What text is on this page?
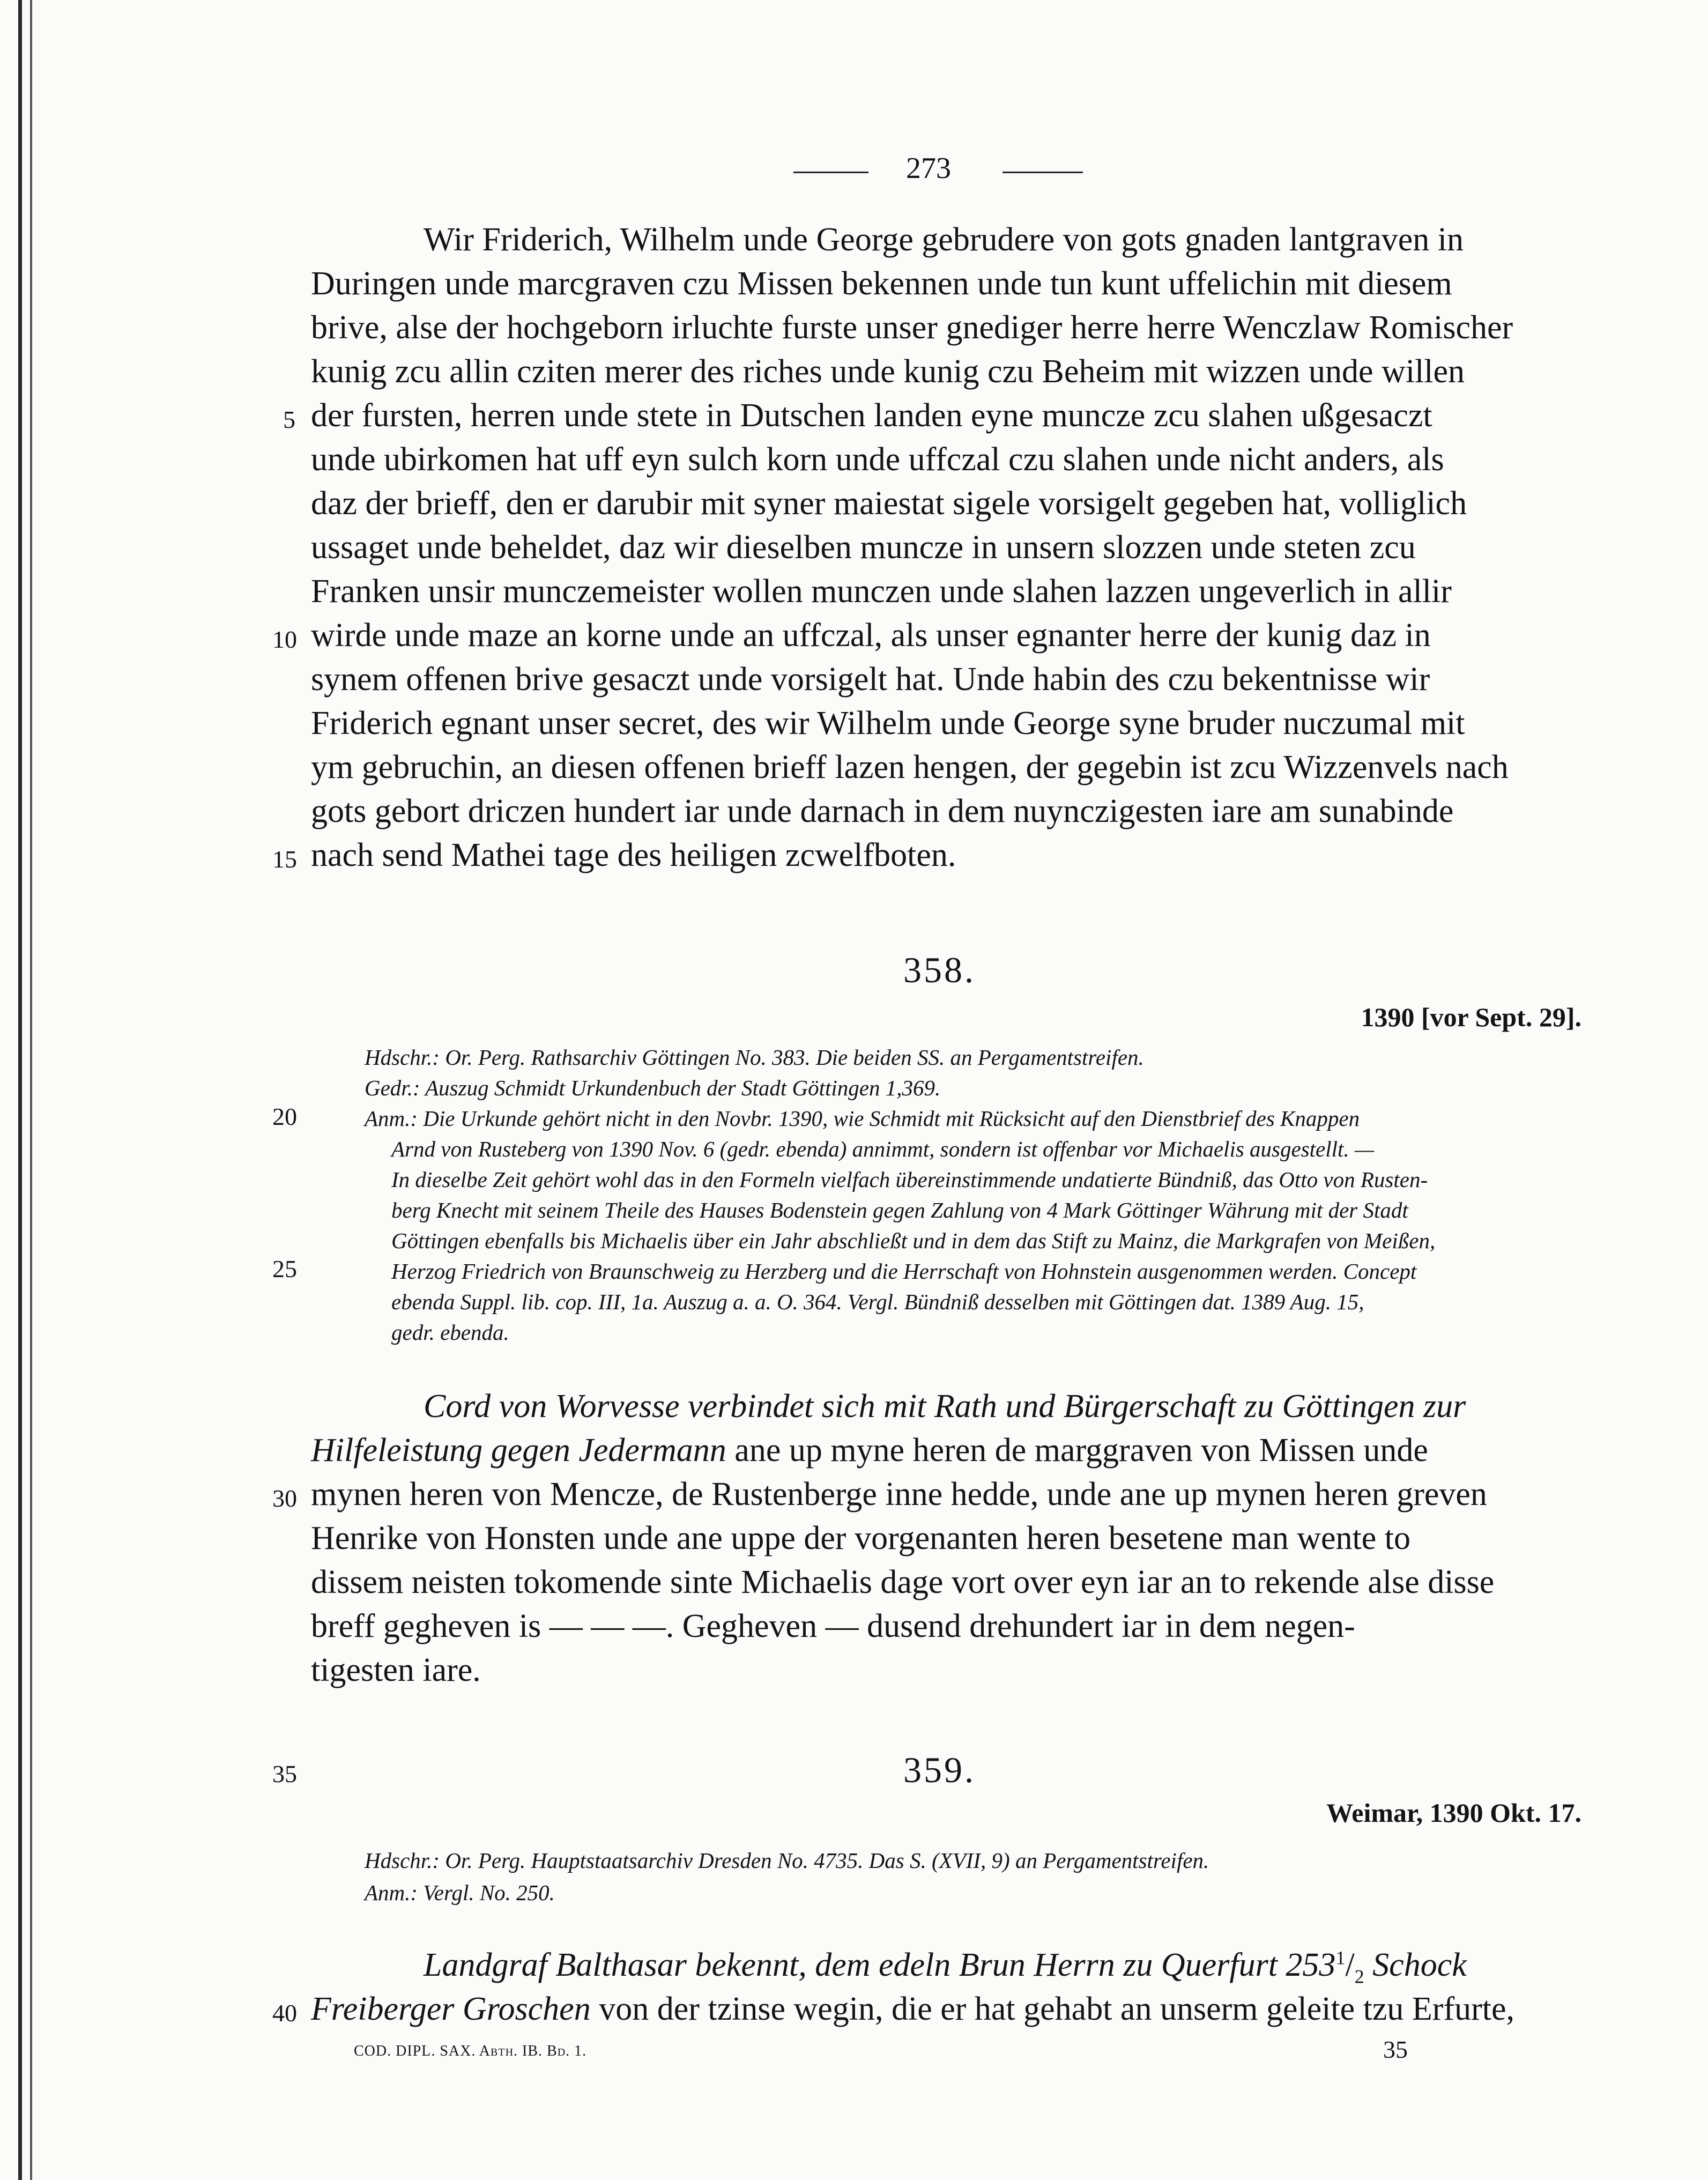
273
Wir Friderich, Wilhelm unde George gebrudere von gots gnaden lantgraven in
Duringen unde marcgraven czu Missen bekennen unde tun kunt uffelichin mit diesem
brive, alse der hochgeborn irluchte furste unser gnediger herre herre Wenczlaw Romischer
kunig zcu allin cziten merer des riches unde kunig czu Beheim mit wizzen unde willen
der fursten, herren unde stete in Dutschen landen eyne muncze zcu slahen ußgesaczt
unde ubirkomen hat uff eyn sulch korn unde uffczal czu slahen unde nicht anders, als
daz der brieff, den er darubir mit syner maiestat sigele vorsigelt gegeben hat, volliglich
ussaget unde beheldet, daz wir dieselben muncze in unsern slozzen unde steten zcu
Franken unsir munczemeister wollen munczen unde slahen lazzen ungeverlich in allir
wirde unde maze an korne unde an uffczal, als unser egnanter herre der kunig daz in
synem offenen brive gesaczt unde vorsigelt hat. Unde habin des czu bekentnisse wir
Friderich egnant unser secret, des wir Wilhelm unde George syne bruder nuczumal mit
ym gebruchin, an diesen offenen brieff lazen hengen, der gegebin ist zcu Wizzenvels nach
gots gebort driczen hundert iar unde darnach in dem nuynczigesten iare am sunabinde
nach send Mathei tage des heiligen zcwelfboten.
358.
1390 [vor Sept. 29].
Hdschr.: Or. Perg. Rathsarchiv Göttingen No. 383. Die beiden SS. an Pergamentstreifen.
Gedr.: Auszug Schmidt Urkundenbuch der Stadt Göttingen 1,369.
Anm.: Die Urkunde gehört nicht in den Novbr. 1390, wie Schmidt mit Rücksicht auf den Dienstbrief des Knappen
Arnd von Rusteberg von 1390 Nov. 6 (gedr. ebenda) annimmt, sondern ist offenbar vor Michaelis ausgestellt. —
In dieselbe Zeit gehört wohl das in den Formeln vielfach übereinstimmende undatierte Bündniß, das Otto von Rusten-
berg Knecht mit seinem Theile des Hauses Bodenstein gegen Zahlung von 4 Mark Göttinger Währung mit der Stadt
Göttingen ebenfalls bis Michaelis über ein Jahr abschließt und in dem das Stift zu Mainz, die Markgrafen von Meißen,
Herzog Friedrich von Braunschweig zu Herzberg und die Herrschaft von Hohnstein ausgenommen werden. Concept
ebenda Suppl. lib. cop. III, 1a. Auszug a. a. O. 364. Vergl. Bündniß desselben mit Göttingen dat. 1389 Aug. 15,
gedr. ebenda.
Cord von Worvesse verbindet sich mit Rath und Bürgerschaft zu Göttingen zur
Hilfeleistung gegen Jedermann ane up myne heren de marggraven von Missen unde
mynen heren von Mencze, de Rustenberge inne hedde, unde ane up mynen heren greven
Henrike von Honsten unde ane uppe der vorgenanten heren besetene man wente to
dissem neisten tokomende sinte Michaelis dage vort over eyn iar an to rekende alse disse
breff gegheven is — — —. Gegheven — dusend drehundert iar in dem negen-
tigesten iare.
359.
Weimar, 1390 Okt. 17.
Hdschr.: Or. Perg. Hauptstaatsarchiv Dresden No. 4735. Das S. (XVII, 9) an Pergamentstreifen.
Anm.: Vergl. No. 250.
Landgraf Balthasar bekennt, dem edeln Brun Herrn zu Querfurt $253^1/_2$ Schock
Freiberger Groschen von der tzinse wegin, die er hat gehabt an unserm geleite tzu Erfurte,
5
10
15
20
25
30
35
40
COD. DIPL. SAX. Abth. IB. Bd. 1.	35
